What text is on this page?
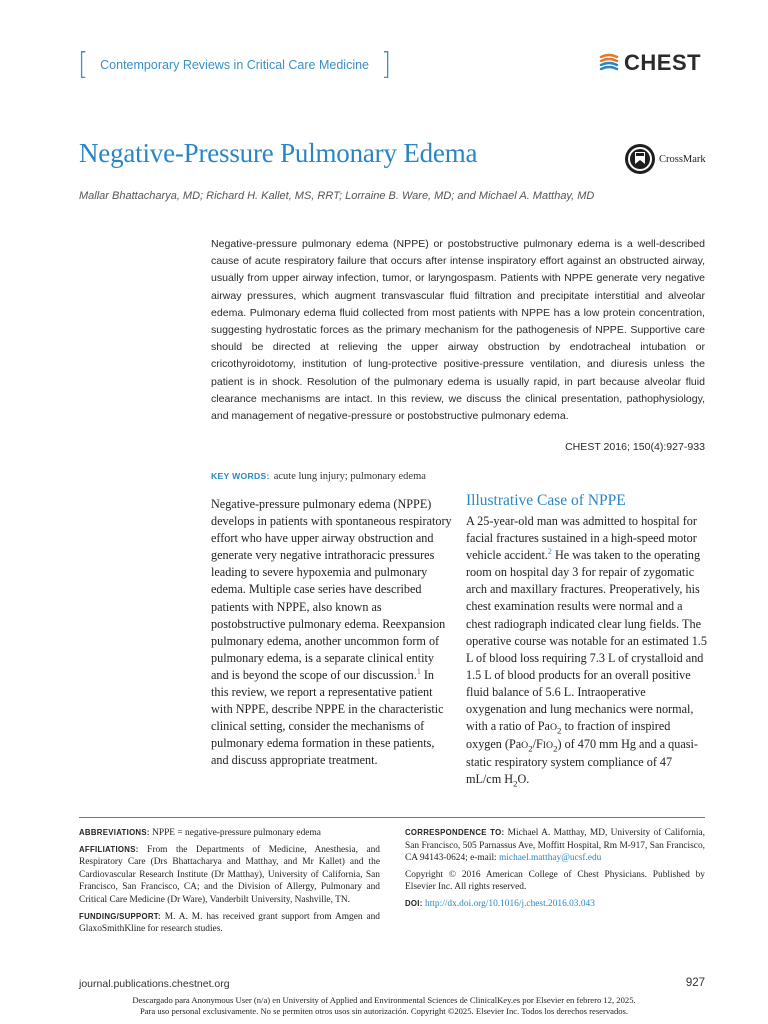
[ Contemporary Reviews in Critical Care Medicine ]	CHEST
Negative-Pressure Pulmonary Edema	CrossMark
Mallar Bhattacharya, MD; Richard H. Kallet, MS, RRT; Lorraine B. Ware, MD; and Michael A. Matthay, MD

Negative-pressure pulmonary edema (NPPE) or postobstructive pulmonary edema is a well-described cause of acute respiratory failure that occurs after intense inspiratory effort against an obstructed airway, usually from upper airway infection, tumor, or laryngospasm. Patients with NPPE generate very negative airway pressures, which augment transvascular fluid filtration and precipitate interstitial and alveolar edema. Pulmonary edema fluid collected from most patients with NPPE has a low protein concentration, suggesting hydrostatic forces as the primary mechanism for the pathogenesis of NPPE. Supportive care should be directed at relieving the upper airway obstruction by endotracheal intubation or cricothyroidotomy, institution of lung-protective positive-pressure ventilation, and diuresis unless the patient is in shock. Resolution of the pulmonary edema is usually rapid, in part because alveolar fluid clearance mechanisms are intact. In this review, we discuss the clinical presentation, pathophysiology, and management of negative-pressure or postobstructive pulmonary edema.

CHEST 2016; 150(4):927-933
KEY WORDS: acute lung injury; pulmonary edema

Negative-pressure pulmonary edema (NPPE) develops in patients with spontaneous respiratory effort who have upper airway obstruction and generate very negative intrathoracic pressures leading to severe hypoxemia and pulmonary edema. Multiple case series have described patients with NPPE, also known as postobstructive pulmonary edema. Reexpansion pulmonary edema, another uncommon form of pulmonary edema, is a separate clinical entity and is beyond the scope of our discussion.$^1$ In this review, we report a representative patient with NPPE, describe NPPE in the characteristic clinical setting, consider the mechanisms of pulmonary edema formation in these patients, and discuss appropriate treatment.

Illustrative Case of NPPE

A 25-year-old man was admitted to hospital for facial fractures sustained in a high-speed motor vehicle accident.$^2$ He was taken to the operating room on hospital day 3 for repair of zygomatic arch and maxillary fractures. Preoperatively, his chest examination results were normal and a chest radiograph indicated clear lung fields. The operative course was notable for an estimated 1.5 L of blood loss requiring 7.3 L of crystalloid and 1.5 L of blood products for an overall positive fluid balance of 5.6 L. Intraoperative oxygenation and lung mechanics were normal, with a ratio of PaO$_2$ to fraction of inspired oxygen $(PaO_2/FIO_2)$ of 470 mm Hg and a quasi-static respiratory system compliance of 47 mL/cm $H_2O$.

ABBREVIATIONS: NPPE = negative-pressure pulmonary edema

AFFILIATIONS: From the Departments of Medicine, Anesthesia, and Respiratory Care (Drs Bhattacharya and Matthay, and Mr Kallet) and the Cardiovascular Research Institute (Dr Matthay), University of California, San Francisco, San Francisco, CA; and the Division of Allergy, Pulmonary and Critical Care Medicine (Dr Ware), Vanderbilt University, Nashville, TN.

FUNDING/SUPPORT: M. A. M. has received grant support from Amgen and GlaxoSmithKline for research studies.

CORRESPONDENCE TO: Michael A. Matthay, MD, University of California, San Francisco, 505 Parnassus Ave, Moffitt Hospital, Rm M-917, San Francisco, CA 94143-0624; e-mail: michael.matthay@ucsf.edu

Copyright © 2016 American College of Chest Physicians. Published by Elsevier Inc. All rights reserved.

DOI: http://dx.doi.org/10.1016/j.chest.2016.03.043

journal.publications.chestnet.org	927
Descargado para Anonymous User (n/a) en University of Applied and Environmental Sciences de ClinicalKey.es por Elsevier en febrero 12, 2025.
Para uso personal exclusivamente. No se permiten otros usos sin autorización. Copyright ©2025. Elsevier Inc. Todos los derechos reservados.
